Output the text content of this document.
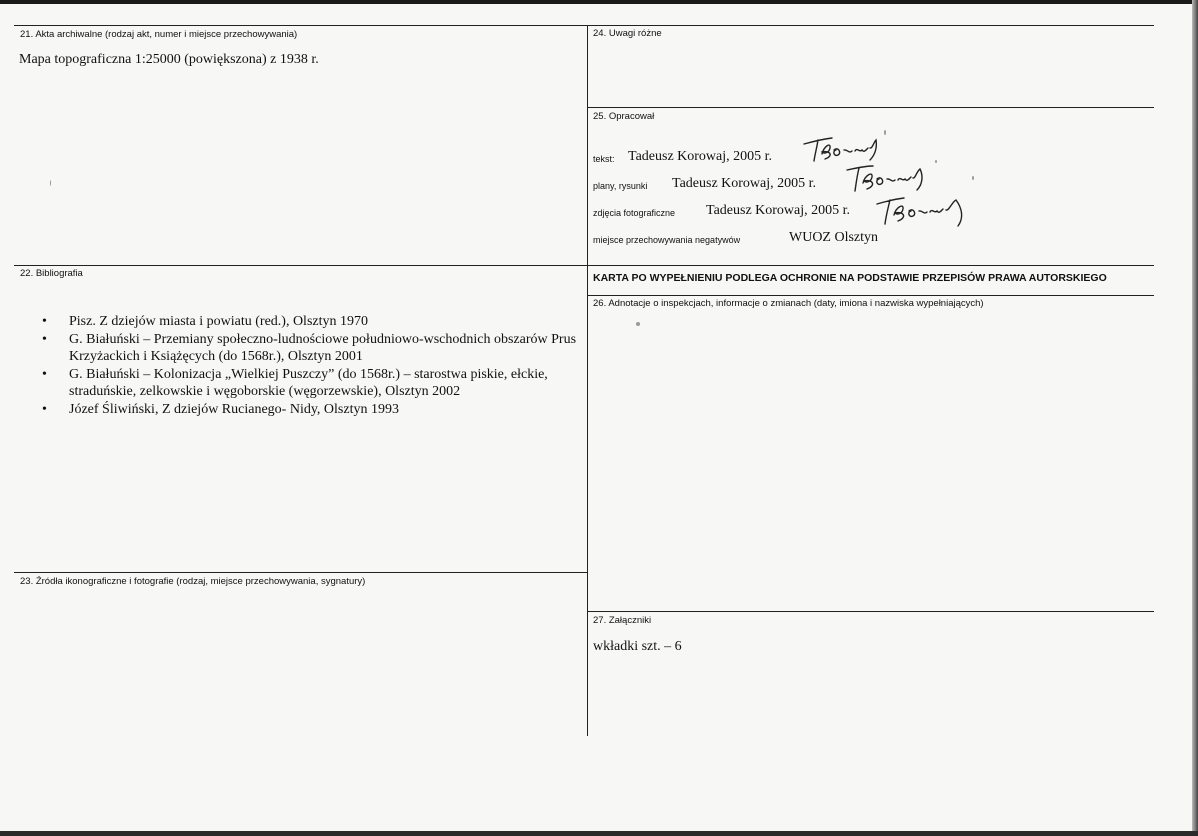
21. Akta archiwalne (rodzaj akt, numer i miejsce przechowywania)
Mapa topograficzna 1:25000 (powiększona) z 1938 r.
24. Uwagi różne
25. Opracował
tekst: Tadeusz Korowaj, 2005 r.
plany, rysunki Tadeusz Korowaj, 2005 r.
zdjęcia fotograficzne Tadeusz Korowaj, 2005 r.
miejsce przechowywania negatywów	WUOZ Olsztyn
KARTA PO WYPEŁNIENIU PODLEGA OCHRONIE NA PODSTAWIE PRZEPISÓW PRAWA AUTORSKIEGO
22. Bibliografia
• Pisz. Z dziejów miasta i powiatu (red.), Olsztyn 1970
• G. Białuński – Przemiany społeczno-ludnościowe południowo-wschodnich obszarów Prus Krzyżackich i Książęcych (do 1568r.), Olsztyn 2001
• G. Białuński – Kolonizacja „Wielkiej Puszczy” (do 1568r.) – starostwa piskie, ełckie, straduńskie, zelkowskie i węgoborskie (węgorzewskie), Olsztyn 2002
• Józef Śliwiński, Z dziejów Rucianego- Nidy, Olsztyn 1993
26. Adnotacje o inspekcjach, informacje o zmianach (daty, imiona i nazwiska wypełniających)
23. Źródła ikonograficzne i fotografie (rodzaj, miejsce przechowywania, sygnatury)
27. Załączniki
wkładki szt. – 6
